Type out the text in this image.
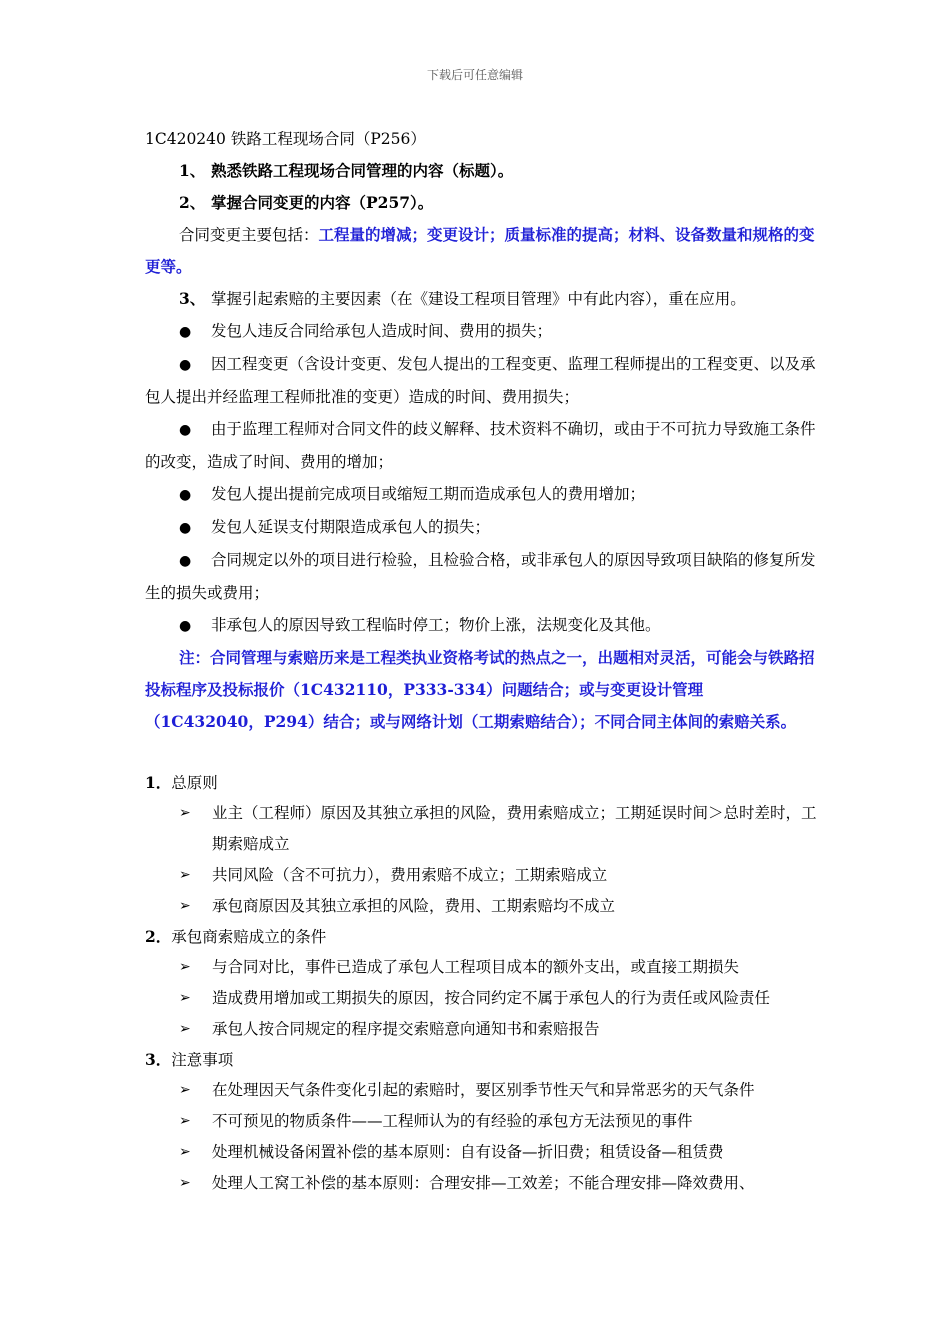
下载后可任意编辑

1C420240 铁路工程现场合同（P256）

1、 熟悉铁路工程现场合同管理的内容（标题）。

2、 掌握合同变更的内容（P257）。

合同变更主要包括：工程量的增减；变更设计；质量标准的提高；材料、设备数量和规格的变更等。

3、 掌握引起索赔的主要因素（在《建设工程项目管理》中有此内容），重在应用。

● 发包人违反合同给承包人造成时间、费用的损失；

● 因工程变更（含设计变更、发包人提出的工程变更、监理工程师提出的工程变更、以及承包人提出并经监理工程师批准的变更）造成的时间、费用损失；

● 由于监理工程师对合同文件的歧义解释、技术资料不确切，或由于不可抗力导致施工条件的改变，造成了时间、费用的增加；

● 发包人提出提前完成项目或缩短工期而造成承包人的费用增加；

● 发包人延误支付期限造成承包人的损失；

● 合同规定以外的项目进行检验，且检验合格，或非承包人的原因导致项目缺陷的修复所发生的损失或费用；

● 非承包人的原因导致工程临时停工；物价上涨，法规变化及其他。

注：合同管理与索赔历来是工程类执业资格考试的热点之一，出题相对灵活，可能会与铁路招投标程序及投标报价（1C432110，P333-334）问题结合；或与变更设计管理（1C432040，P294）结合；或与网络计划（工期索赔结合）；不同合同主体间的索赔关系。

1．总原则
➢ 业主（工程师）原因及其独立承担的风险，费用索赔成立；工期延误时间＞总时差时，工期索赔成立
➢ 共同风险（含不可抗力），费用索赔不成立；工期索赔成立
➢ 承包商原因及其独立承担的风险，费用、工期索赔均不成立
2．承包商索赔成立的条件
➢ 与合同对比，事件已造成了承包人工程项目成本的额外支出，或直接工期损失
➢ 造成费用增加或工期损失的原因，按合同约定不属于承包人的行为责任或风险责任
➢ 承包人按合同规定的程序提交索赔意向通知书和索赔报告
3．注意事项
➢ 在处理因天气条件变化引起的索赔时，要区别季节性天气和异常恶劣的天气条件
➢ 不可预见的物质条件——工程师认为的有经验的承包方无法预见的事件
➢ 处理机械设备闲置补偿的基本原则：自有设备—折旧费；租赁设备—租赁费
➢ 处理人工窝工补偿的基本原则：合理安排—工效差；不能合理安排—降效费用、
